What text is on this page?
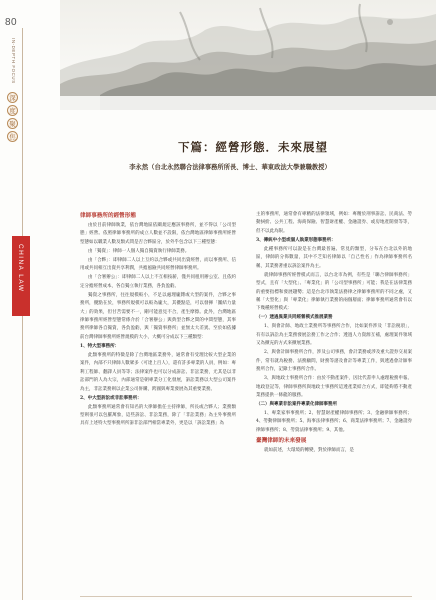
80
IN-DEPTH FOCUS
深
度
聚
焦
CHINA LAW
下篇：經營形態．未來展望
李永然（台北永然聯合法律事務所所長、博士、華東政法大學兼職教授）
律師事務所的經營形態

由於目前律師執業，依台灣地區依關規定應該事務所，並不得以「公司型態」經營。依照律師事務所的成立人數並不設限，依台灣地區律師事務所經營型態如以職業人數及類式問是否合夥區分，於外乎包含以下三種型態：

由「獨資」：律師一人個人獨自獨資執行律師業務。

由「合夥」：即律師二人以上互約以合夥或共同出資經營，而以事務所、信用或共同相互出資共享利潤，共擔風險共同經營律師事務所。

由「合署辦公」：即律師二人以上不互相按薪，僅共同租用辦公室、且依約定分擔經營成本，各自獨立執行業務，各負盈虧。

獨資之事務所，往往規模較小，不足以處理龐雜或大型的案件，合夥之事務所，優點在於，事務所規模可以較為龐大，其優點是，可以發揮「團結力量大」的效果，但甘苦需要不一，剛可能意見不合，產生摩擦。此外，台灣地區律師事務所經營型態常係介於「合署辦公」與典型合夥之間的中間型態，其事務所律師各自獨資，各負盈虧，與「獨資事務所」並無太大差異。至於如依據前台灣律師事務所經營規模的大小，大概可分成以下三種類型：

1、特大型事務所：

此類事務所的特徵是除了台灣地區業務外，通常會有受理比較大型企業的案件，內部不只律師人數眾多（可達上百人），還有許多專業的人員，例如：專利工程師、翻譯人員等等；法律案件也可以分成訴訟、非訟業務，尤其是以非訟部門的人為大宗，內部通常是朝專業分工化發展，訴訟業務以大型公司案件為主，非訟業務則以企業公司併購，跨國與專業發展為其重要業務。

2、中大型訴訟或非訟事務所：

此類事務所通常會有知名的大律師擔任主持律師，所長或合夥人；業務類型則很可以包羅萬象，這些訴訟、非訟業務，除了「非訟業務」為主外事務所具有上述特大型事務所所訴非訟部門相當專業外，更是以「訴訟業務」為

主的事務所，通常會有專精的法律領域，例如：專精於刑事訴訟、民商法、勞動糾紛、公共工程、海商保險、智慧財產權、金融證券、或房地產開發等等，但不以此為限。

3、傳統中小型或個人執業形態事務所：

此種事務所可以說是在台灣最普遍、常見的類型，分布在台北以外的地區，律師的分佈數量，其中不乏知名律師以「自己性名」作為律師事務所名稱，其業務著重以訴訟案件為主。

就律師事務所經營模式而言，以台北市為例，有些是「聯合律師事務所」型式，且有「大型化」、「專業化」的「公司型事務所」可能；我是在法律業務的重要指標和發展趨勢；這是台北市執業法務律之律師事務所的不同之處，又稱「大型化」與「專業化」律師執行業務的兩個層面；律師事務所通常會有以下幾種經營模式：

（一）透過異業共同經營模式推展業務

1、與會計師、地政士業務所等事務所合作，比如案件涉及「非訟稅項」，有有以訴訟為主業務發展訟務工作之合作；透過人力資源互補，處理案件領域又為擴充的方式來擴展業務。

2、與會計師事務所合作，涉及公司事務，會計業務或涉及重大證券交易案件，常有就為稅務、法務顧問，財務等諮及會計等專業工作，與透過會計師事務所合作，記錄士事務所合作。

3、與地政士事務所合作：由於不動產案件，因比代書申人處理稅務申報、地政登記等，律師事務所與地政士事務所這透產業結合方式，即能夠將不動產業務提供一條龍的服務。

（二）與專業非訟案件專業化律師事務所

1、專業家事事務所；2、智慧財產權律師事務所；3、金融律師事務所；4、勞動律師事務所；5、海事法律事務所；6、商業法律事務所；7、金融證券律師事務所；8、勞資法律事務所；9、其他。

臺灣律師的未來發展

就如前述，大環境的轉變，對於律師而言，是
